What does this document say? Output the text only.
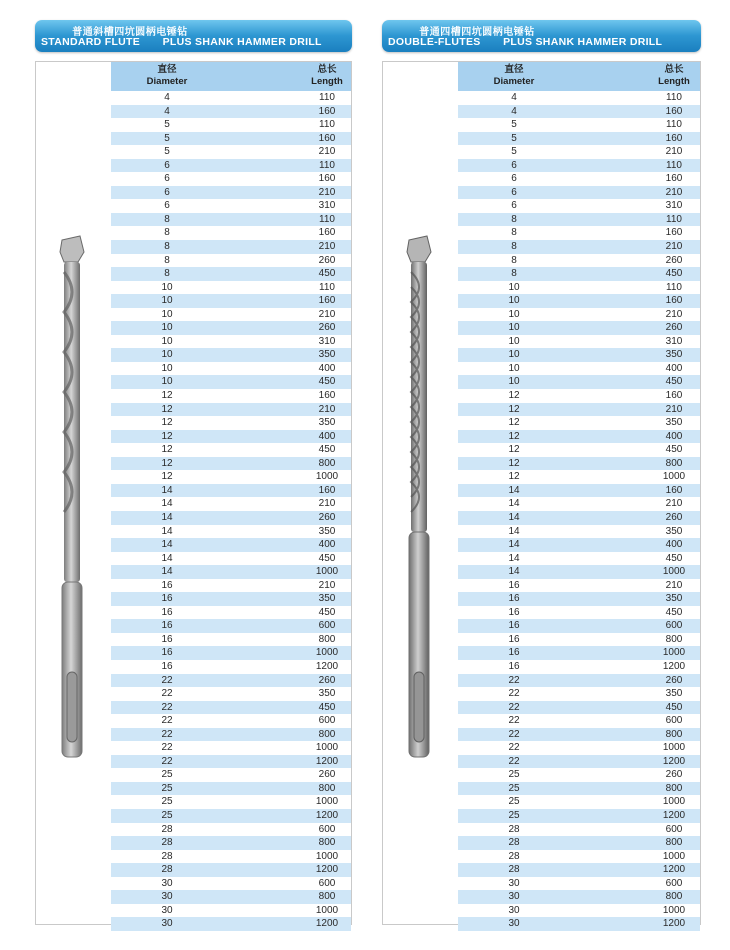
普通斜槽四坑圆柄电锤钻
STANDARD FLUTE       PLUS SHANK HAMMER DRILL
直径
Diameter
总长
Length
4	110
4	160
5	110
5	160
5	210
6	110
6	160
6	210
6	310
8	110
8	160
8	210
8	260
8	450
10	110
10	160
10	210
10	260
10	310
10	350
10	400
10	450
12	160
12	210
12	350
12	400
12	450
12	800
12	1000
14	160
14	210
14	260
14	350
14	400
14	450
14	1000
16	210
16	350
16	450
16	600
16	800
16	1000
16	1200
22	260
22	350
22	450
22	600
22	800
22	1000
22	1200
25	260
25	800
25	1000
25	1200
28	600
28	800
28	1000
28	1200
30	600
30	800
30	1000
30	1200
普通四槽四坑圆柄电锤钻
DOUBLE-FLUTES       PLUS SHANK HAMMER DRILL
直径
Diameter
总长
Length
4	110
4	160
5	110
5	160
5	210
6	110
6	160
6	210
6	310
8	110
8	160
8	210
8	260
8	450
10	110
10	160
10	210
10	260
10	310
10	350
10	400
10	450
12	160
12	210
12	350
12	400
12	450
12	800
12	1000
14	160
14	210
14	260
14	350
14	400
14	450
14	1000
16	210
16	350
16	450
16	600
16	800
16	1000
16	1200
22	260
22	350
22	450
22	600
22	800
22	1000
22	1200
25	260
25	800
25	1000
25	1200
28	600
28	800
28	1000
28	1200
30	600
30	800
30	1000
30	1200
